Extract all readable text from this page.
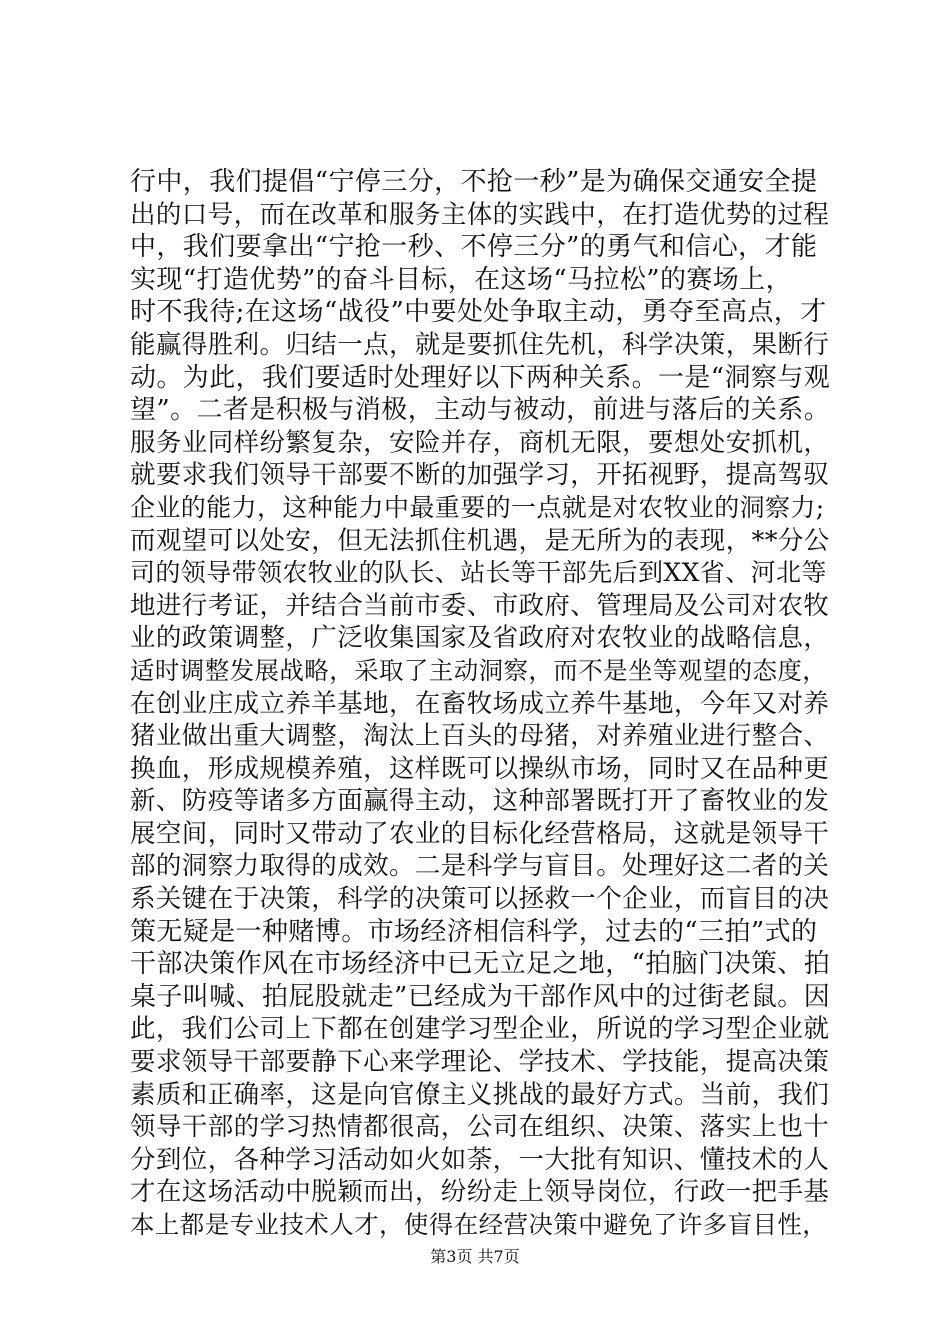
行中，我们提倡“宁停三分，不抢一秒”是为确保交通安全提
出的口号，而在改革和服务主体的实践中，在打造优势的过程
中，我们要拿出“宁抢一秒、不停三分”的勇气和信心，才能
实现“打造优势”的奋斗目标，在这场“马拉松”的赛场上，
时不我待;在这场“战役”中要处处争取主动，勇夺至高点，才
能赢得胜利。归结一点，就是要抓住先机，科学决策，果断行
动。为此，我们要适时处理好以下两种关系。一是“洞察与观
望”。二者是积极与消极，主动与被动，前进与落后的关系。
服务业同样纷繁复杂，安险并存，商机无限，要想处安抓机，
就要求我们领导干部要不断的加强学习，开拓视野，提高驾驭
企业的能力，这种能力中最重要的一点就是对农牧业的洞察力;
而观望可以处安，但无法抓住机遇，是无所为的表现，**分公
司的领导带领农牧业的队长、站长等干部先后到XX省、河北等
地进行考证，并结合当前市委、市政府、管理局及公司对农牧
业的政策调整，广泛收集国家及省政府对农牧业的战略信息，
适时调整发展战略，采取了主动洞察，而不是坐等观望的态度，
在创业庄成立养羊基地，在畜牧场成立养牛基地，今年又对养
猪业做出重大调整，淘汰上百头的母猪，对养殖业进行整合、
换血，形成规模养殖，这样既可以操纵市场，同时又在品种更
新、防疫等诸多方面赢得主动，这种部署既打开了畜牧业的发
展空间，同时又带动了农业的目标化经营格局，这就是领导干
部的洞察力取得的成效。二是科学与盲目。处理好这二者的关
系关键在于决策，科学的决策可以拯救一个企业，而盲目的决
策无疑是一种赌博。市场经济相信科学，过去的“三拍”式的
干部决策作风在市场经济中已无立足之地，“拍脑门决策、拍
桌子叫喊、拍屁股就走”已经成为干部作风中的过街老鼠。因
此，我们公司上下都在创建学习型企业，所说的学习型企业就
要求领导干部要静下心来学理论、学技术、学技能，提高决策
素质和正确率，这是向官僚主义挑战的最好方式。当前，我们
领导干部的学习热情都很高，公司在组织、决策、落实上也十
分到位，各种学习活动如火如荼，一大批有知识、懂技术的人
才在这场活动中脱颖而出，纷纷走上领导岗位，行政一把手基
本上都是专业技术人才，使得在经营决策中避免了许多盲目性，
第3页 共7页
